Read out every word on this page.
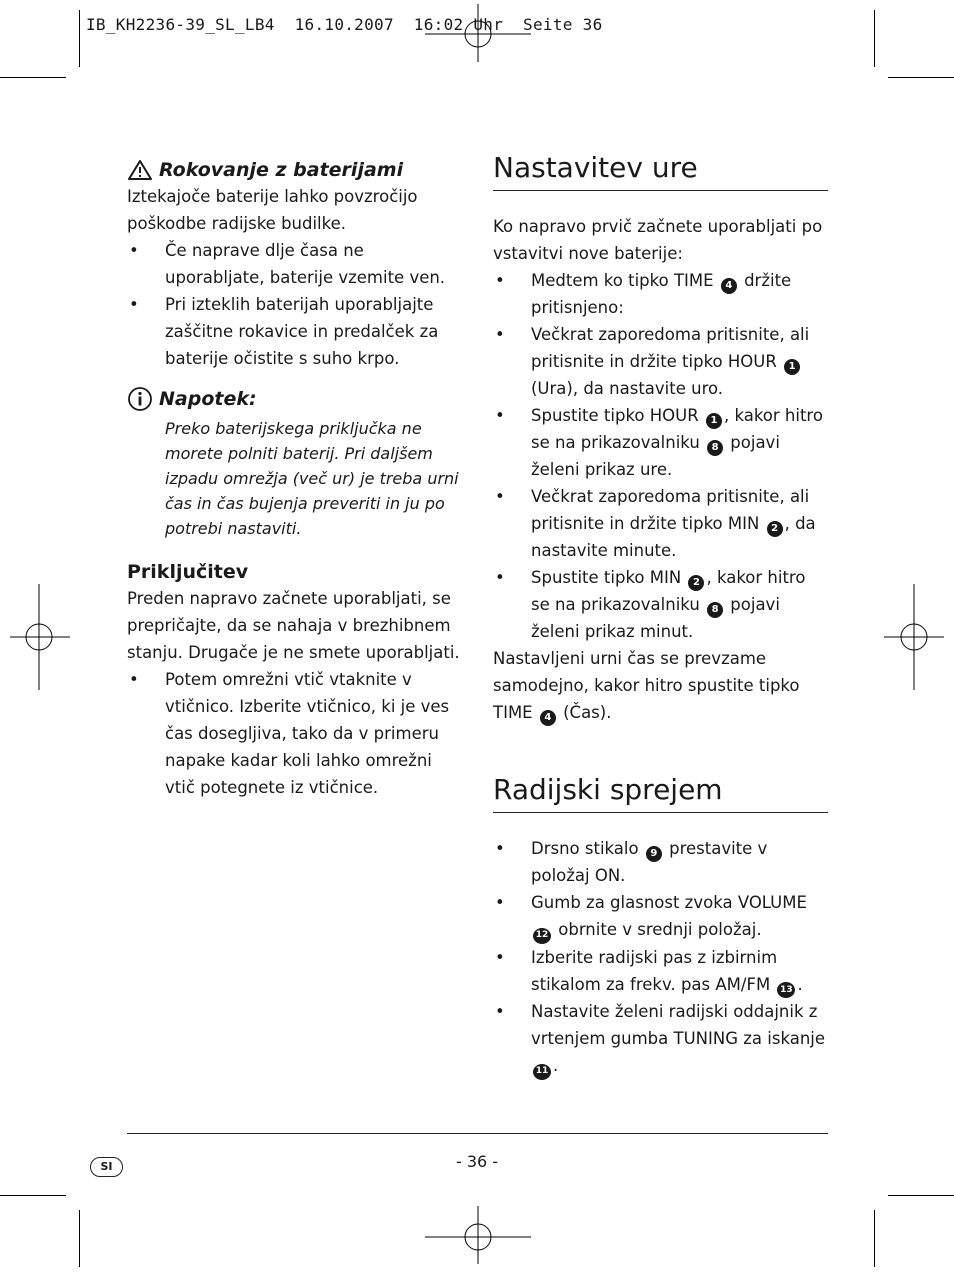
IB_KH2236-39_SL_LB4  16.10.2007  16:02 Uhr  Seite 36
Rokovanje z baterijami
Iztekajoče baterije lahko povzročijo poškodbe radijske budilke.
• Če naprave dlje časa ne uporabljate, baterije vzemite ven.
• Pri izteklih baterijah uporabljajte zaščitne rokavice in predalček za baterije očistite s suho krpo.
Napotek:
Preko baterijskega priključka ne morete polniti baterij. Pri daljšem izpadu omrežja (več ur) je treba urni čas in čas bujenja preveriti in ju po potrebi nastaviti.
Priključitev
Preden napravo začnete uporabljati, se prepričajte, da se nahaja v brezhibnem stanju. Drugače je ne smete uporabljati.
• Potem omrežni vtič vtaknite v vtičnico. Izberite vtičnico, ki je ves čas dosegljiva, tako da v primeru napake kadar koli lahko omrežni vtič potegnete iz vtičnice.
Nastavitev ure
Ko napravo prvič začnete uporabljati po vstavitvi nove baterije:
• Medtem ko tipko TIME 4 držite pritisnjeno:
• Večkrat zaporedoma pritisnite, ali pritisnite in držite tipko HOUR 1 (Ura), da nastavite uro.
• Spustite tipko HOUR 1 , kakor hitro se na prikazovalniku 8 pojavi želeni prikaz ure.
• Večkrat zaporedoma pritisnite, ali pritisnite in držite tipko MIN 2 , da nastavite minute.
• Spustite tipko MIN 2 , kakor hitro se na prikazovalniku 8 pojavi želeni prikaz minut.
Nastavljeni urni čas se prevzame samodejno, kakor hitro spustite tipko TIME 4 (Čas).
Radijski sprejem
• Drsno stikalo 9 prestavite v položaj ON.
• Gumb za glasnost zvoka VOLUME 12 obrnite v srednji položaj.
• Izberite radijski pas z izbirnim stikalom za frekv. pas AM/FM 13 .
• Nastavite želeni radijski oddajnik z vrtenjem gumba TUNING za iskanje 11 .
- 36 -
SI
